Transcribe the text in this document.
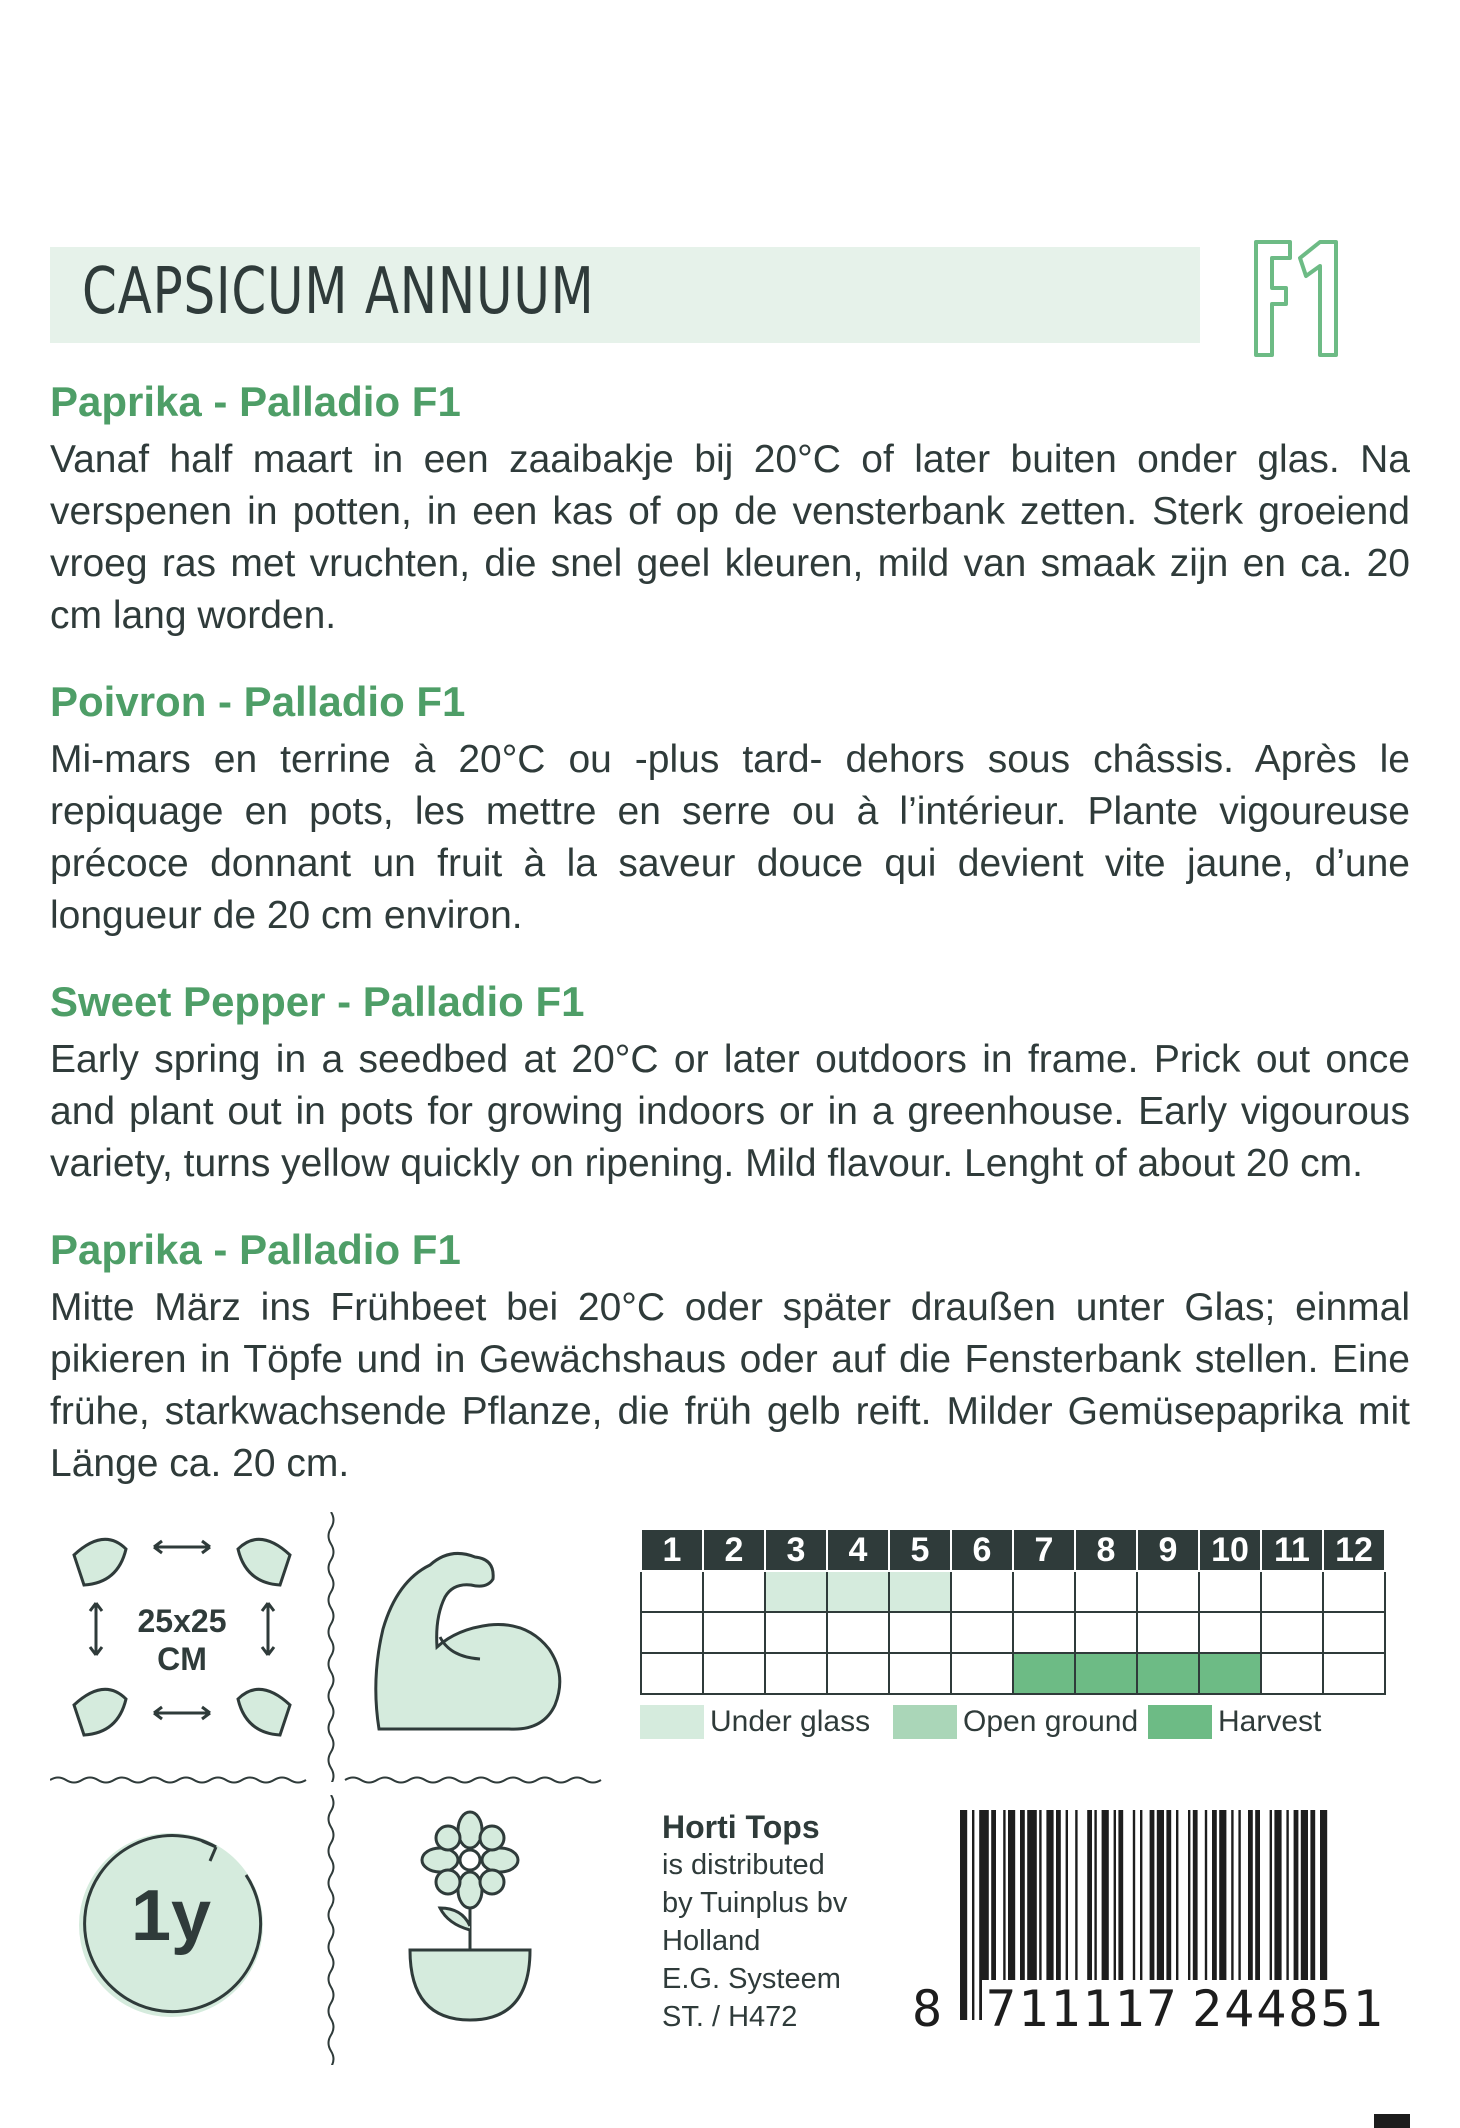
CAPSICUM ANNUUM	F1
Paprika - Palladio F1
Vanaf half maart in een zaaibakje bij 20°C of later buiten onder glas. Na verspenen in potten, in een kas of op de vensterbank zetten. Sterk groeiend vroeg ras met vruchten, die snel geel kleuren, mild van smaak zijn en ca. 20 cm lang worden.
Poivron - Palladio F1
Mi-mars en terrine à 20°C ou -plus tard- dehors sous châssis. Après le repiquage en pots, les mettre en serre ou à l’intérieur. Plante vigoureuse précoce donnant un fruit à la saveur douce qui devient vite jaune, d’une longueur de 20 cm environ.
Sweet Pepper - Palladio F1
Early spring in a seedbed at 20°C or later outdoors in frame. Prick out once and plant out in pots for growing indoors or in a greenhouse. Early vigourous variety, turns yellow quickly on ripening. Mild flavour. Lenght of about 20 cm.
Paprika - Palladio F1
Mitte März ins Frühbeet bei 20°C oder später draußen unter Glas; einmal pikieren in Töpfe und in Gewächshaus oder auf die Fensterbank stellen. Eine frühe, starkwachsende Pflanze, die früh gelb reift. Milder Gemüsepaprika mit Länge ca. 20 cm.
25x25
CM
1y
1	2	3	4	5	6	7	8	9	10	11	12

Under glass	Open ground	Harvest
Horti Tops
is distributed
by Tuinplus bv
Holland
E.G. Systeem
ST. / H472	8 711117 244851
